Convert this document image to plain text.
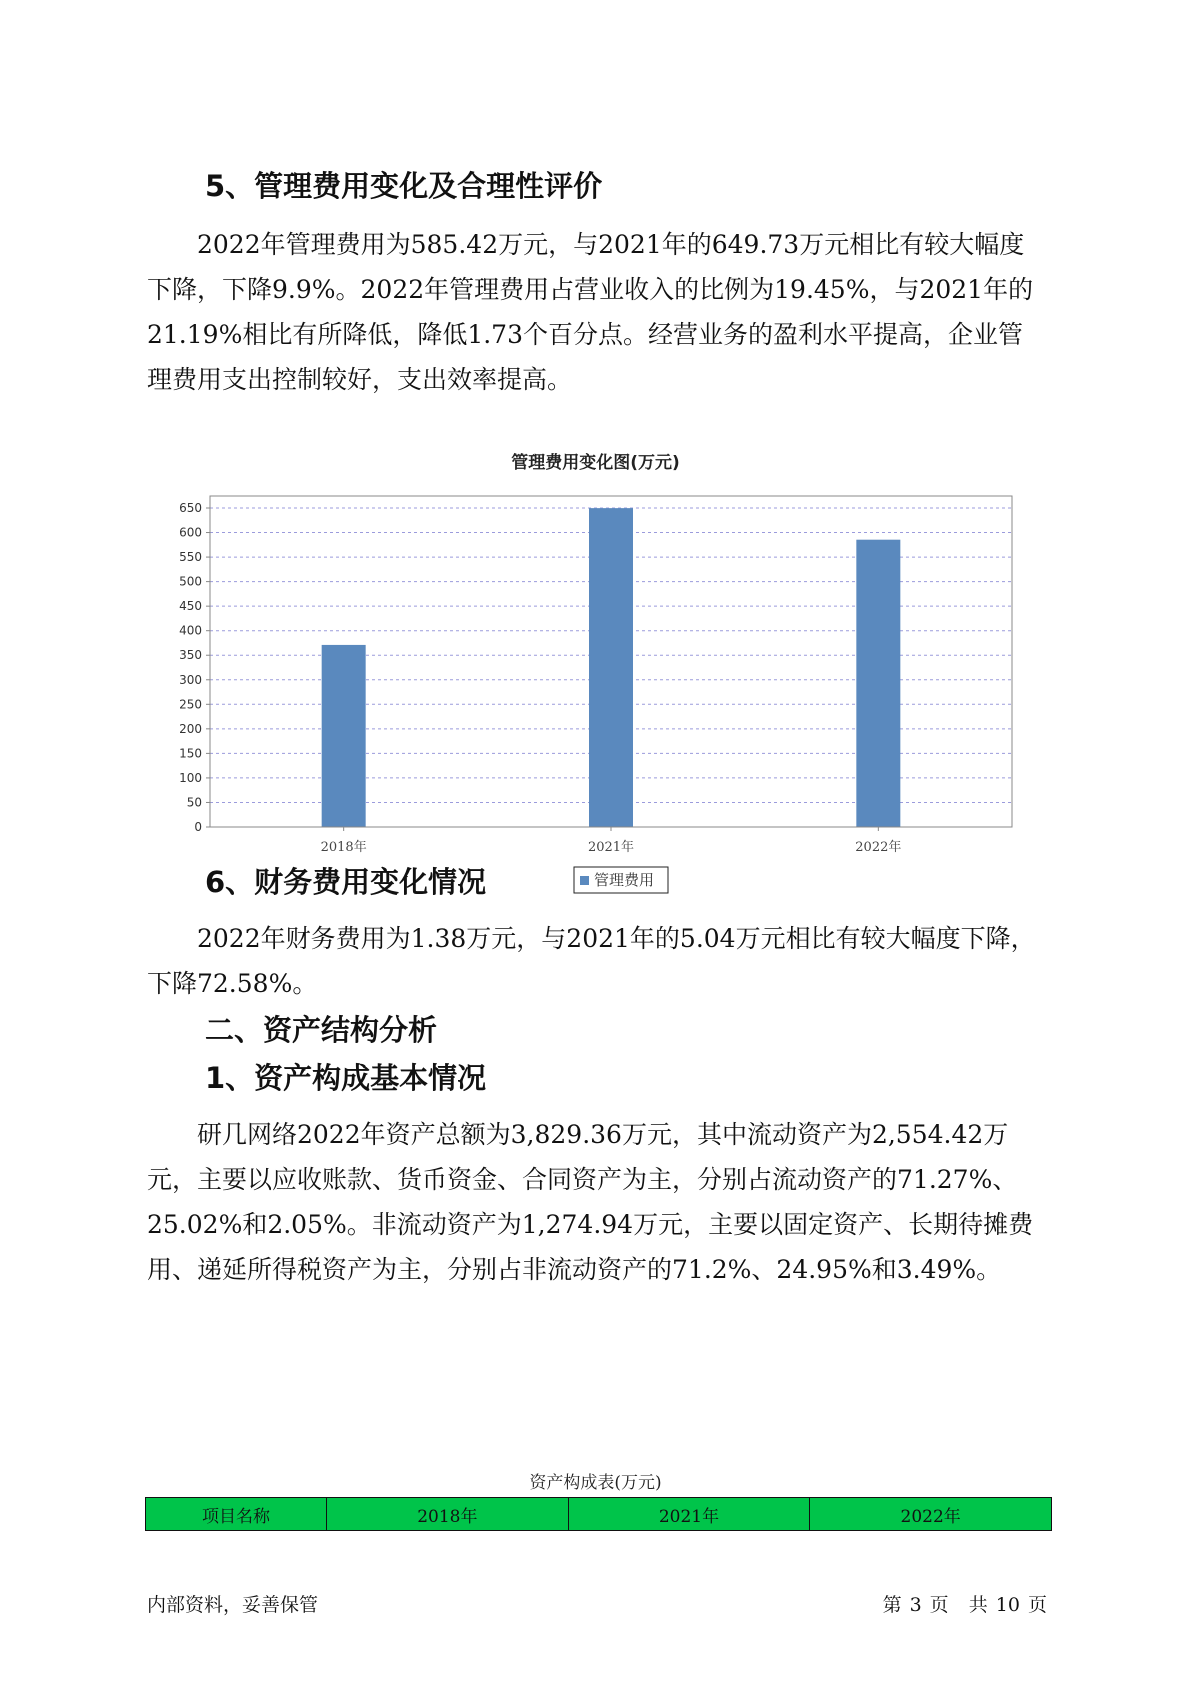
5、管理费用变化及合理性评价

2022年管理费用为585.42万元，与2021年的649.73万元相比有较大幅度下降，下降9.9%。2022年管理费用占营业收入的比例为19.45%，与2021年的21.19%相比有所降低，降低1.73个百分点。经营业务的盈利水平提高，企业管理费用支出控制较好，支出效率提高。

管理费用变化图(万元)
0
50
100
150
200
250
300
350
400
450
500
550
600
650
2018年	2021年	2022年
管理费用
6、财务费用变化情况

2022年财务费用为1.38万元，与2021年的5.04万元相比有较大幅度下降，下降72.58%。

二、资产结构分析
1、资产构成基本情况

研几网络2022年资产总额为3,829.36万元，其中流动资产为2,554.42万元，主要以应收账款、货币资金、合同资产为主，分别占流动资产的71.27%、25.02%和2.05%。非流动资产为1,274.94万元，主要以固定资产、长期待摊费用、递延所得税资产为主，分别占非流动资产的71.2%、24.95%和3.49%。

资产构成表(万元)
项目名称	2018年	2021年	2022年
内部资料，妥善保管	第 3 页 共 10 页
